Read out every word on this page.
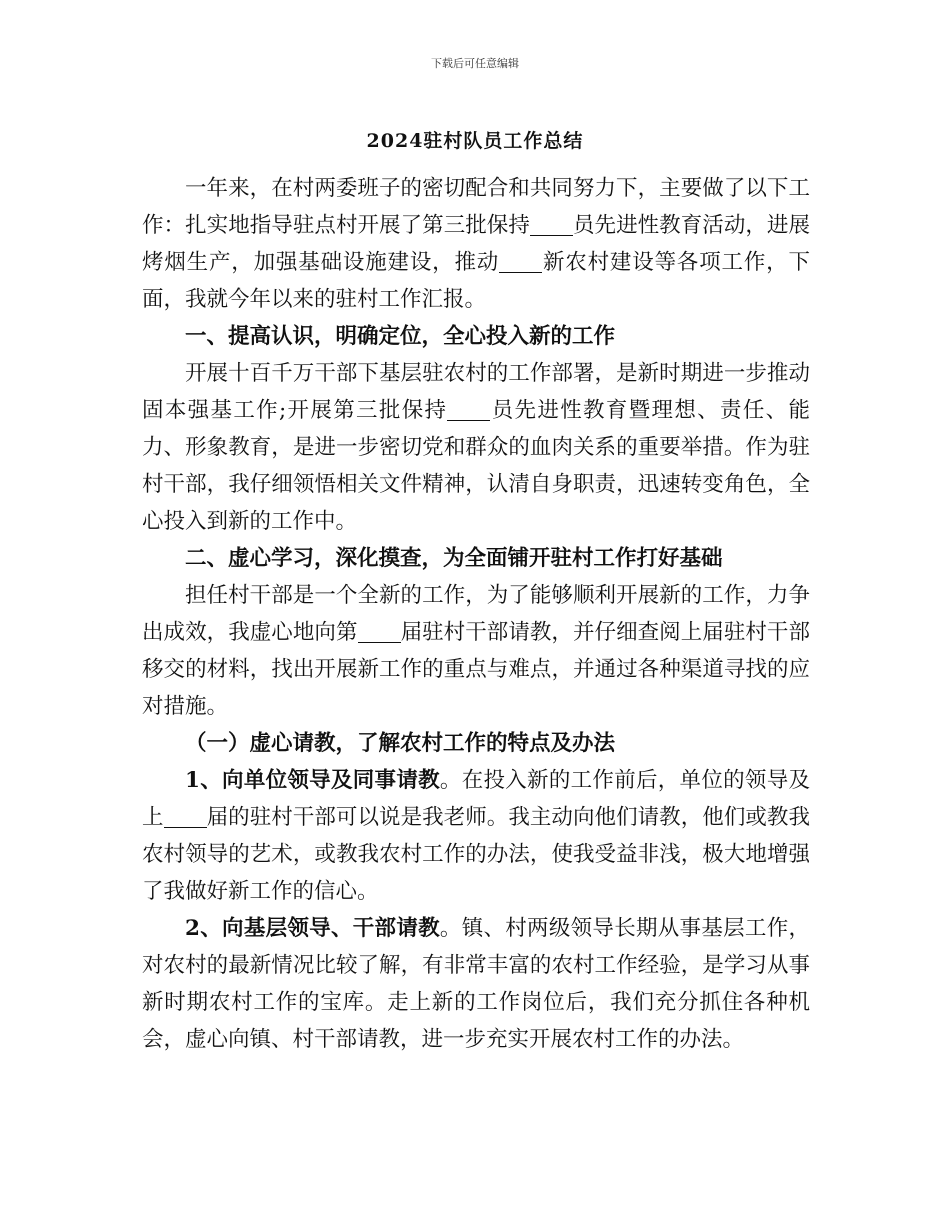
下载后可任意编辑
2024驻村队员工作总结

一年来，在村两委班子的密切配合和共同努力下，主要做了以下工作：扎实地指导驻点村开展了第三批保持 员先进性教育活动，进展烤烟生产，加强基础设施建设，推动 新农村建设等各项工作，下面，我就今年以来的驻村工作汇报。

一、提高认识，明确定位，全心投入新的工作

开展十百千万干部下基层驻农村的工作部署，是新时期进一步推动固本强基工作;开展第三批保持 员先进性教育暨理想、责任、能力、形象教育，是进一步密切党和群众的血肉关系的重要举措。作为驻村干部，我仔细领悟相关文件精神，认清自身职责，迅速转变角色，全心投入到新的工作中。

二、虚心学习，深化摸查，为全面铺开驻村工作打好基础

担任村干部是一个全新的工作，为了能够顺利开展新的工作，力争出成效，我虚心地向第 届驻村干部请教，并仔细查阅上届驻村干部移交的材料，找出开展新工作的重点与难点，并通过各种渠道寻找的应对措施。

（一）虚心请教，了解农村工作的特点及办法

1、向单位领导及同事请教。在投入新的工作前后，单位的领导及上 届的驻村干部可以说是我老师。我主动向他们请教，他们或教我农村领导的艺术，或教我农村工作的办法，使我受益非浅，极大地增强了我做好新工作的信心。

2、向基层领导、干部请教。镇、村两级领导长期从事基层工作，对农村的最新情况比较了解，有非常丰富的农村工作经验，是学习从事新时期农村工作的宝库。走上新的工作岗位后，我们充分抓住各种机会，虚心向镇、村干部请教，进一步充实开展农村工作的办法。
